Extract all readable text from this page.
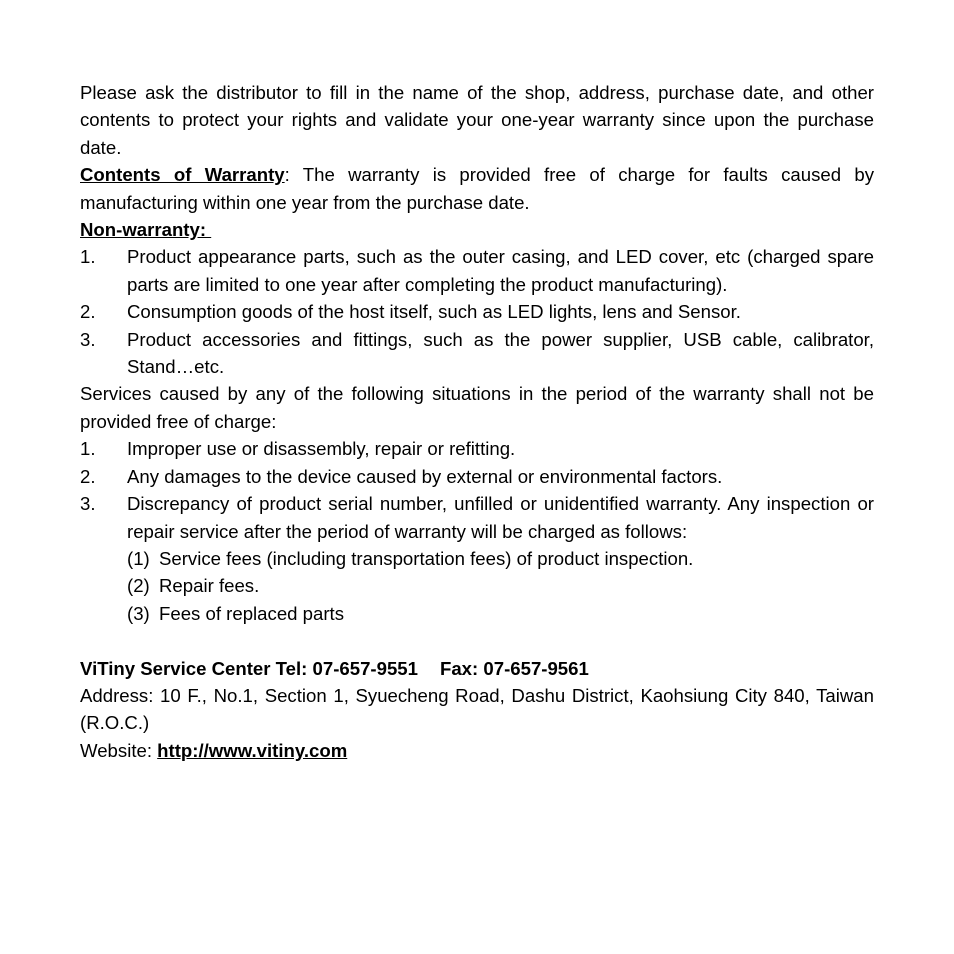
Please ask the distributor to fill in the name of the shop, address, purchase date, and other contents to protect your rights and validate your one-year warranty since upon the purchase date.

Contents of Warranty: The warranty is provided free of charge for faults caused by manufacturing within one year from the purchase date.

Non-warranty:

1. Product appearance parts, such as the outer casing, and LED cover, etc (charged spare parts are limited to one year after completing the product manufacturing).
2. Consumption goods of the host itself, such as LED lights, lens and Sensor.
3. Product accessories and fittings, such as the power supplier, USB cable, calibrator, Stand…etc.

Services caused by any of the following situations in the period of the warranty shall not be provided free of charge:

1. Improper use or disassembly, repair or refitting.
2. Any damages to the device caused by external or environmental factors.
3. Discrepancy of product serial number, unfilled or unidentified warranty. Any inspection or repair service after the period of warranty will be charged as follows:
(1) Service fees (including transportation fees) of product inspection.
(2) Repair fees.
(3) Fees of replaced parts

ViTiny Service Center Tel: 07-657-9551 Fax: 07-657-9561

Address: 10 F., No.1, Section 1, Syuecheng Road, Dashu District, Kaohsiung City 840, Taiwan (R.O.C.)

Website: http://www.vitiny.com
